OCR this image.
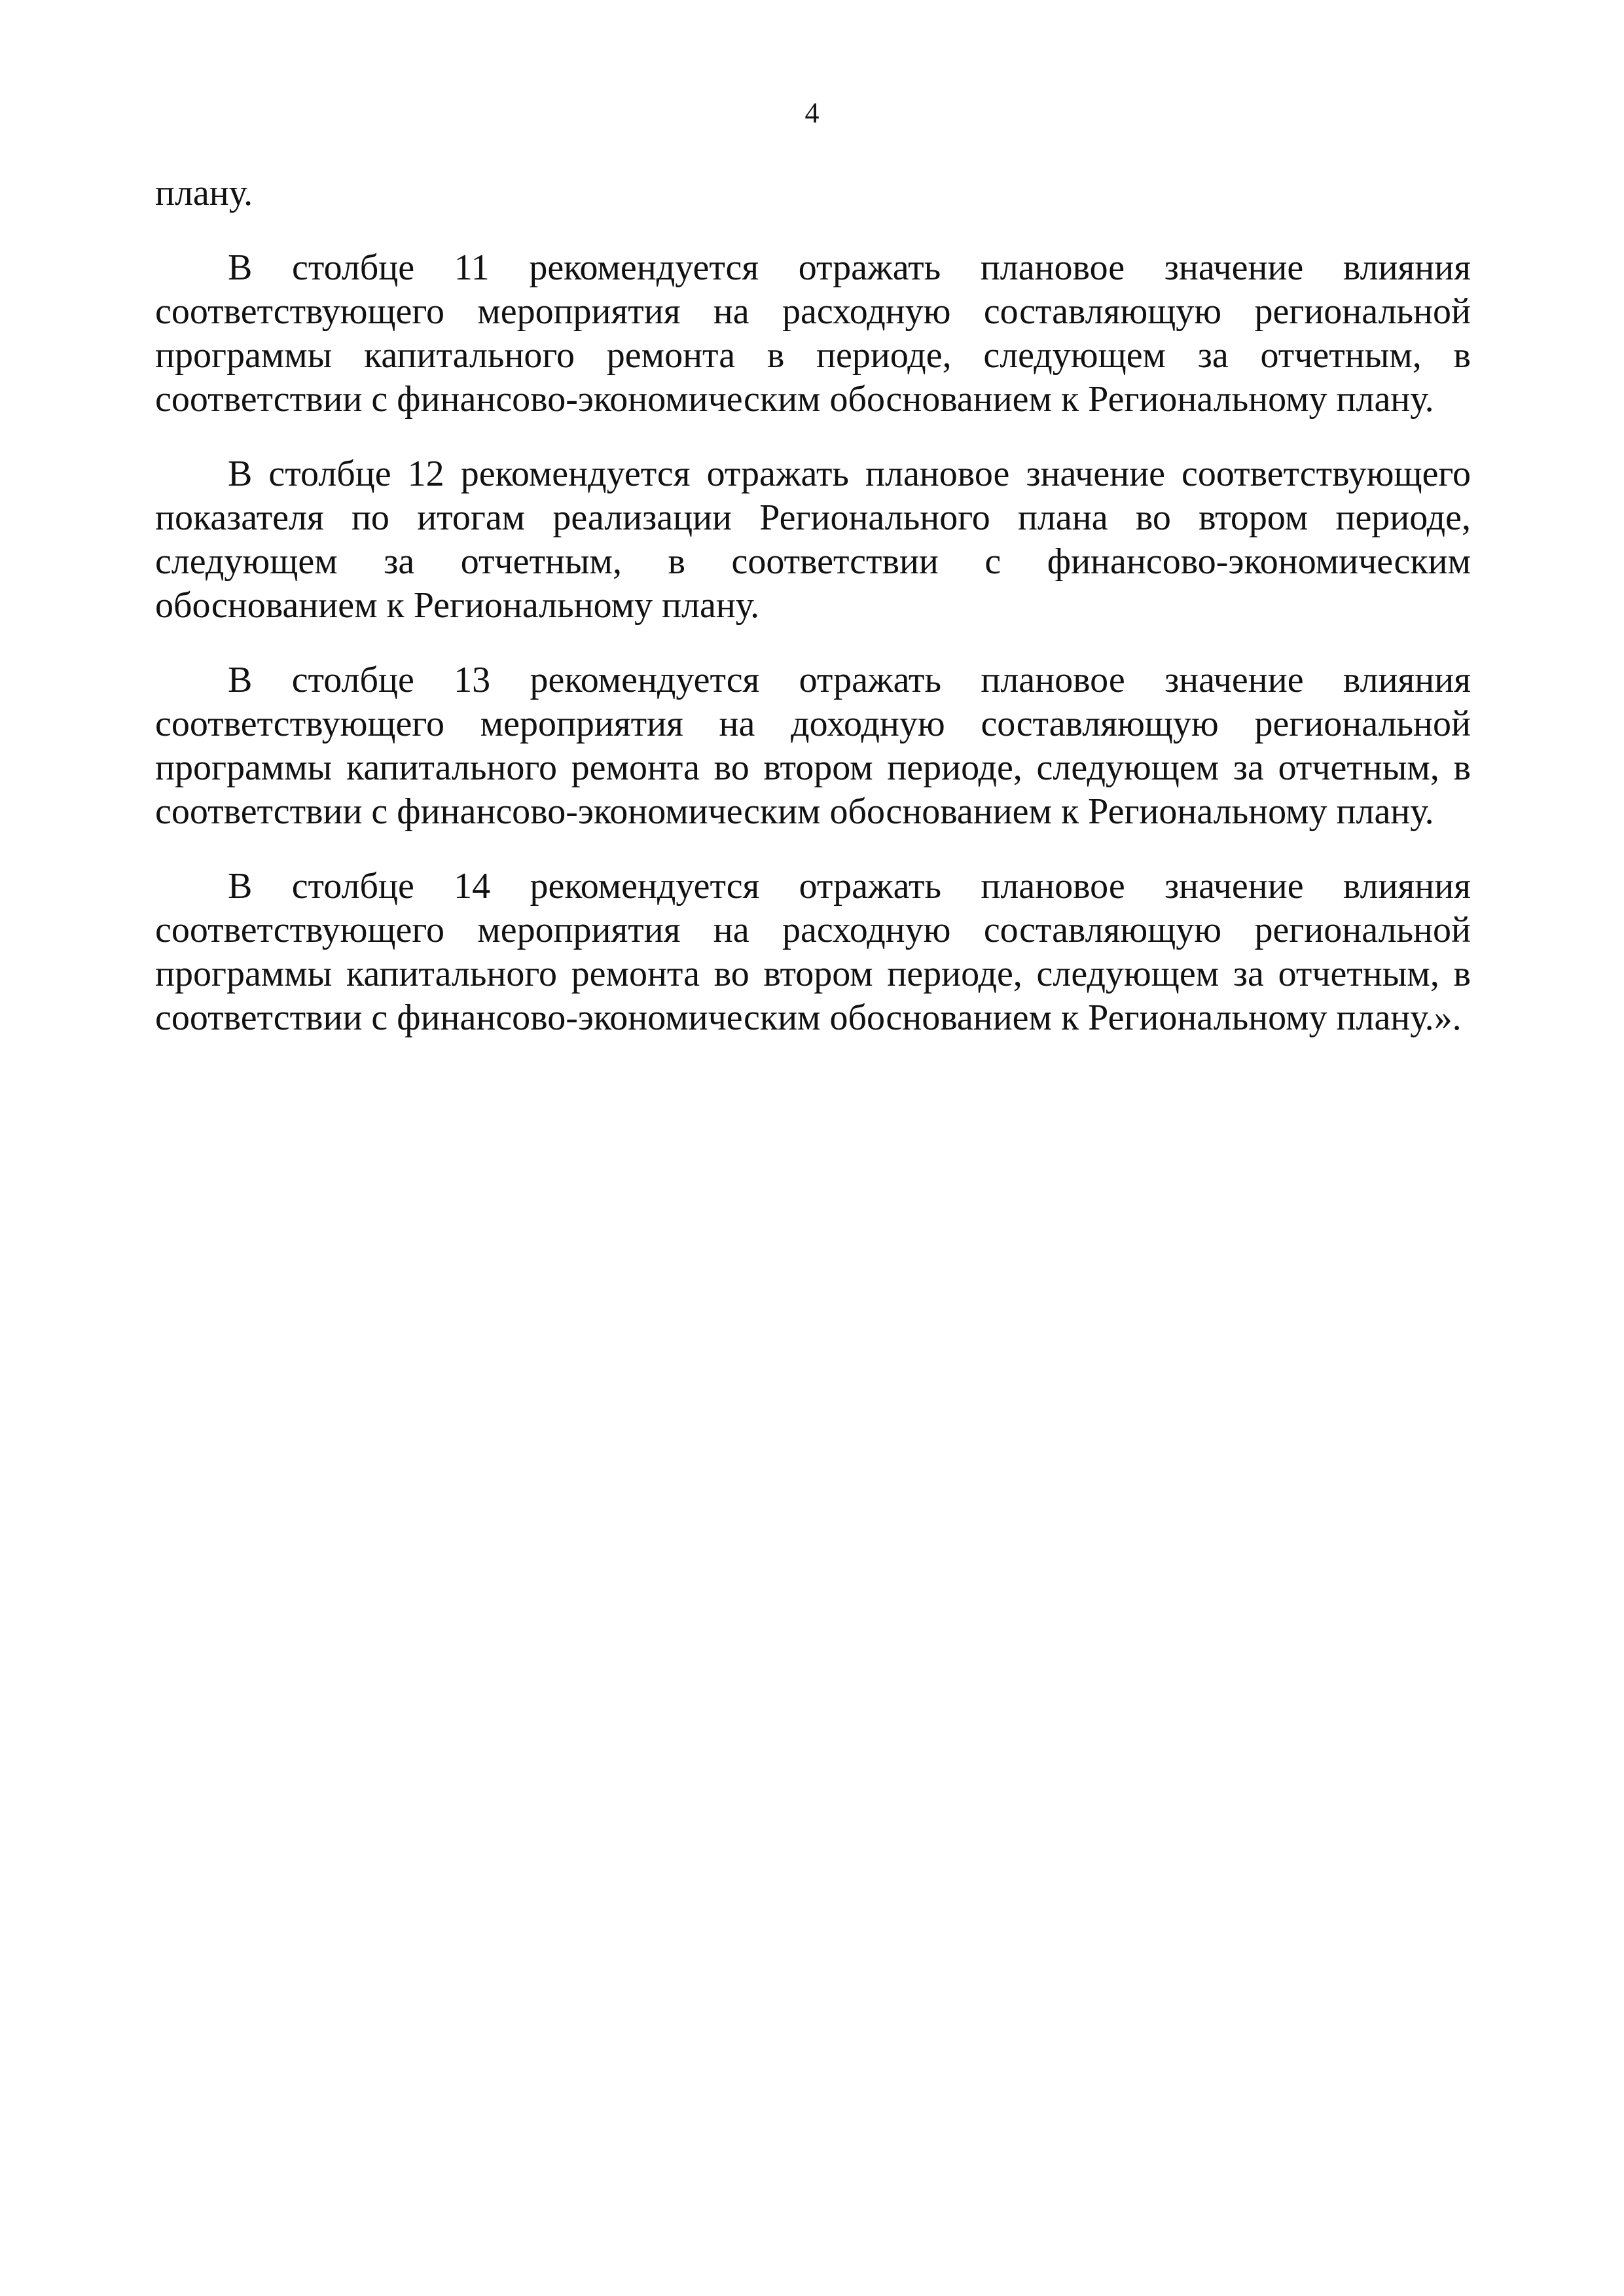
4

плану.

В столбце 11 рекомендуется отражать плановое значение влияния соответствующего мероприятия на расходную составляющую региональной программы капитального ремонта в периоде, следующем за отчетным, в соответствии с финансово-экономическим обоснованием к Региональному плану.

В столбце 12 рекомендуется отражать плановое значение соответствующего показателя по итогам реализации Регионального плана во втором периоде, следующем за отчетным, в соответствии с финансово-экономическим обоснованием к Региональному плану.

В столбце 13 рекомендуется отражать плановое значение влияния соответствующего мероприятия на доходную составляющую региональной программы капитального ремонта во втором периоде, следующем за отчетным, в соответствии с финансово-экономическим обоснованием к Региональному плану.

В столбце 14 рекомендуется отражать плановое значение влияния соответствующего мероприятия на расходную составляющую региональной программы капитального ремонта во втором периоде, следующем за отчетным, в соответствии с финансово-экономическим обоснованием к Региональному плану.».
